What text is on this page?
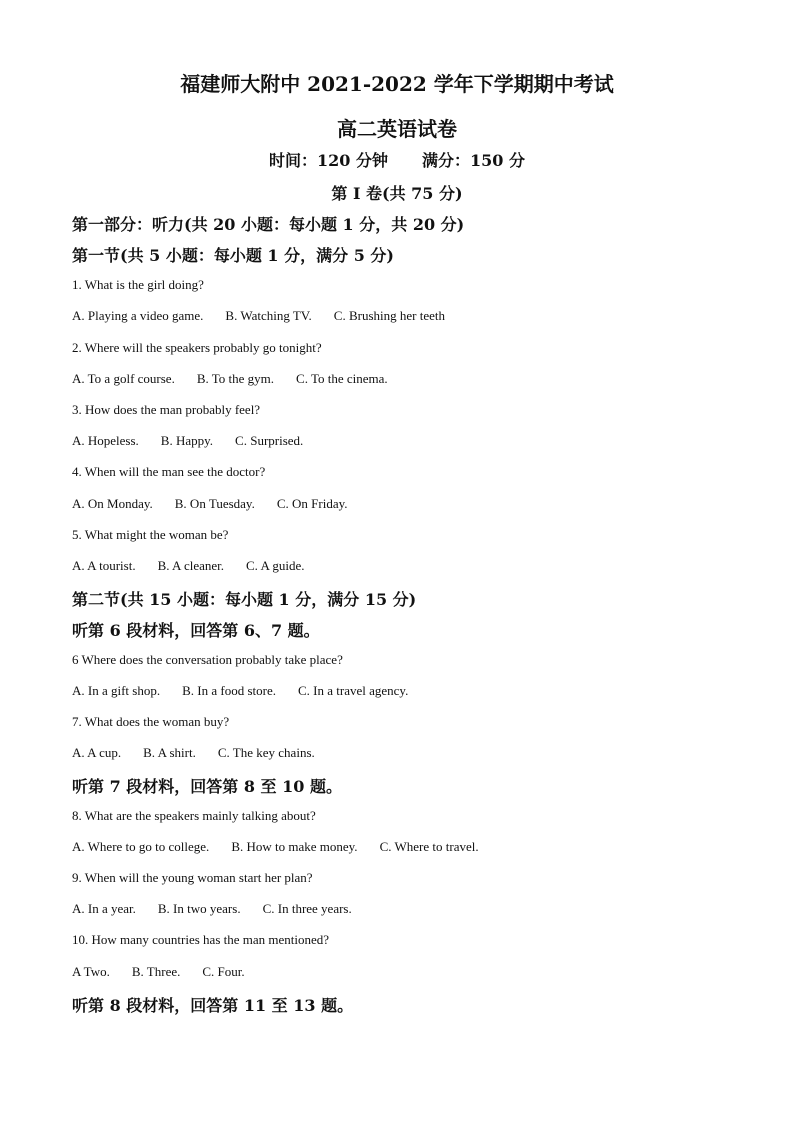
福建师大附中 2021-2022 学年下学期期中考试
高二英语试卷
时间：120 分钟 满分：150 分
第 I 卷(共 75 分)
第一部分：听力(共 20 小题：每小题 1 分，共 20 分)
第一节(共 5 小题：每小题 1 分，满分 5 分)
1. What is the girl doing?
A. Playing a video game. B. Watching TV. C. Brushing her teeth
2. Where will the speakers probably go tonight?
A. To a golf course. B. To the gym. C. To the cinema.
3. How does the man probably feel?
A. Hopeless. B. Happy. C. Surprised.
4. When will the man see the doctor?
A. On Monday. B. On Tuesday. C. On Friday.
5. What might the woman be?
A. A tourist. B. A cleaner. C. A guide.
第二节(共 15 小题：每小题 1 分，满分 15 分)
听第 6 段材料，回答第 6、7 题。
6 Where does the conversation probably take place?
A. In a gift shop. B. In a food store. C. In a travel agency.
7. What does the woman buy?
A. A cup. B. A shirt. C. The key chains.
听第 7 段材料，回答第 8 至 10 题。
8. What are the speakers mainly talking about?
A. Where to go to college. B. How to make money. C. Where to travel.
9. When will the young woman start her plan?
A. In a year. B. In two years. C. In three years.
10. How many countries has the man mentioned?
A Two. B. Three. C. Four.
听第 8 段材料，回答第 11 至 13 题。
